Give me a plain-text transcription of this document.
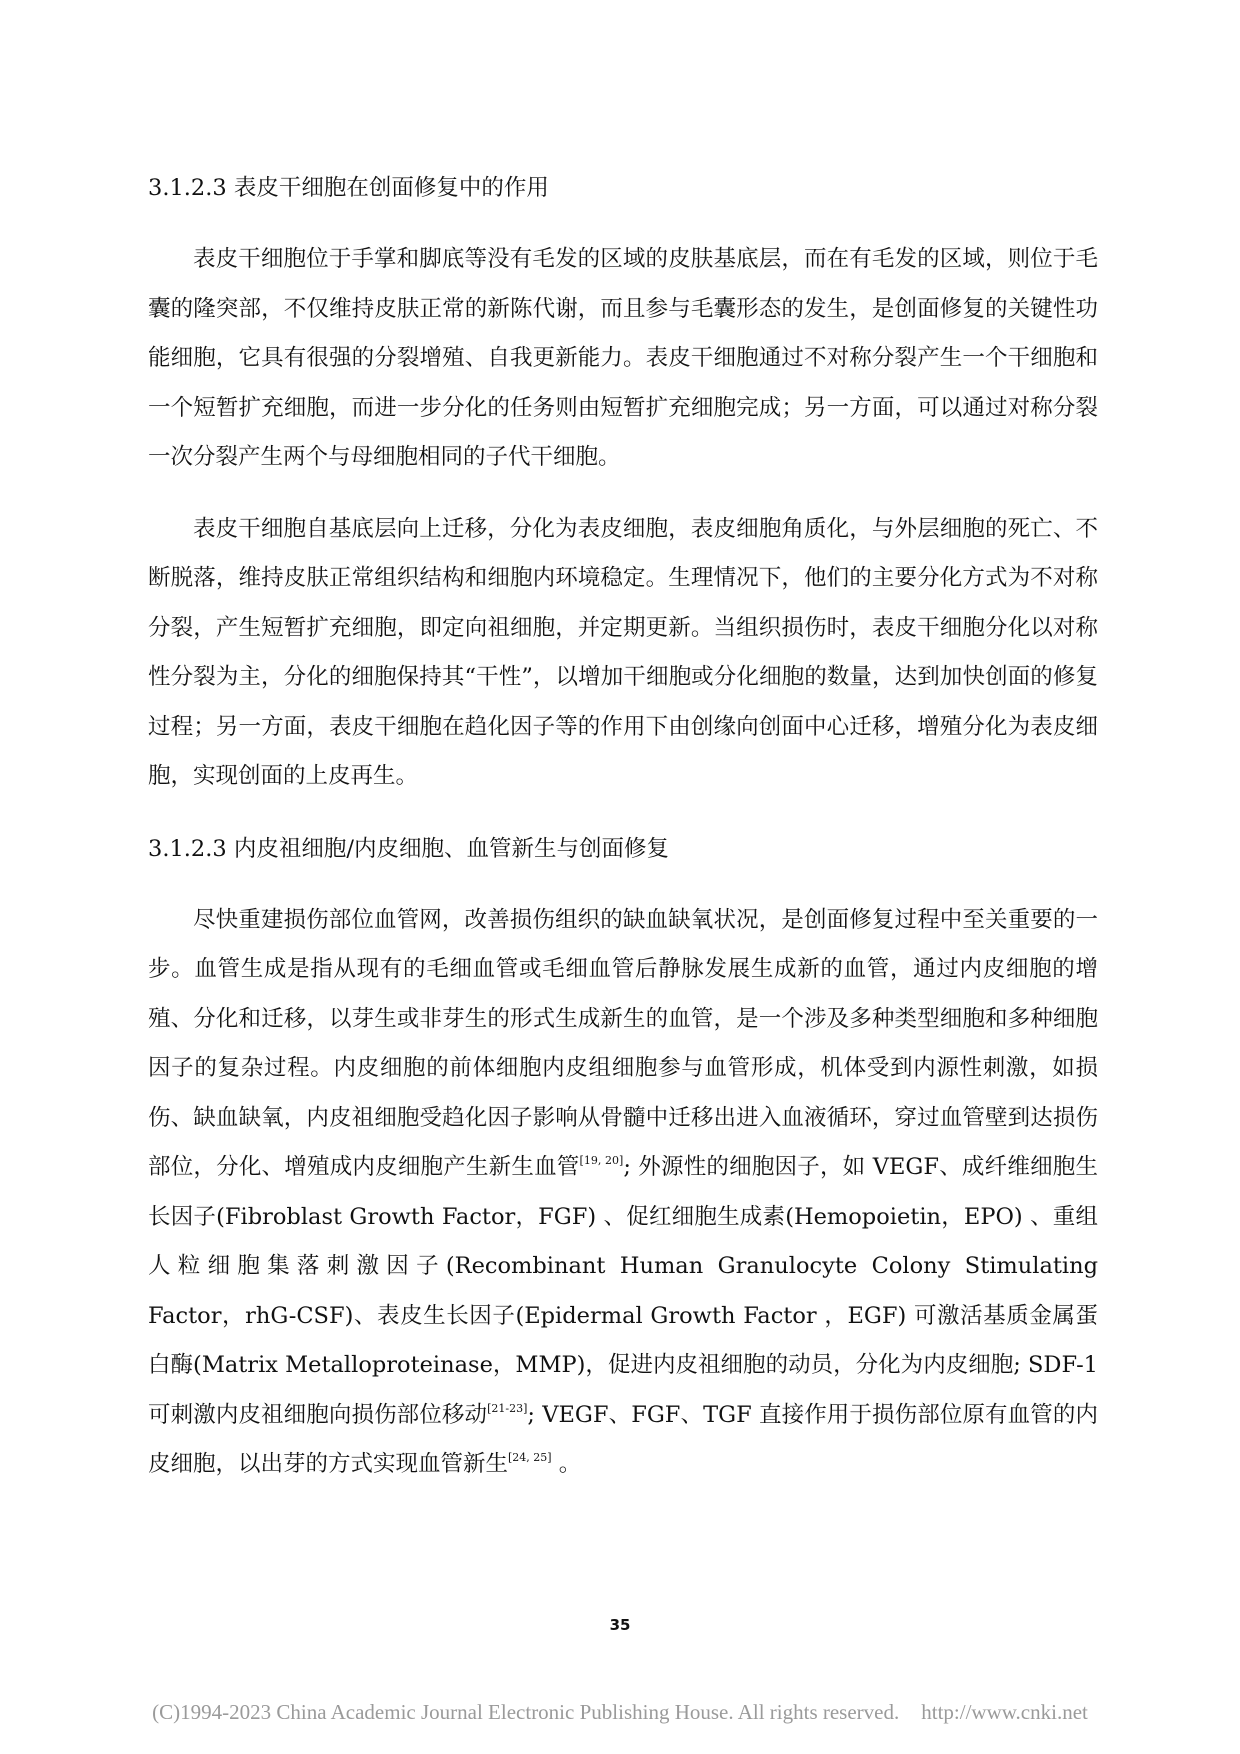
3.1.2.3 表皮干细胞在创面修复中的作用

表皮干细胞位于手掌和脚底等没有毛发的区域的皮肤基底层，而在有毛发的区域，则位于毛囊的隆突部，不仅维持皮肤正常的新陈代谢，而且参与毛囊形态的发生，是创面修复的关键性功能细胞，它具有很强的分裂增殖、自我更新能力。表皮干细胞通过不对称分裂产生一个干细胞和一个短暂扩充细胞，而进一步分化的任务则由短暂扩充细胞完成；另一方面，可以通过对称分裂一次分裂产生两个与母细胞相同的子代干细胞。

表皮干细胞自基底层向上迁移，分化为表皮细胞，表皮细胞角质化，与外层细胞的死亡、不断脱落，维持皮肤正常组织结构和细胞内环境稳定。生理情况下，他们的主要分化方式为不对称分裂，产生短暂扩充细胞，即定向祖细胞，并定期更新。当组织损伤时，表皮干细胞分化以对称性分裂为主，分化的细胞保持其“干性”，以增加干细胞或分化细胞的数量，达到加快创面的修复过程；另一方面，表皮干细胞在趋化因子等的作用下由创缘向创面中心迁移，增殖分化为表皮细胞，实现创面的上皮再生。

3.1.2.3 内皮祖细胞/内皮细胞、血管新生与创面修复

尽快重建损伤部位血管网，改善损伤组织的缺血缺氧状况，是创面修复过程中至关重要的一步。血管生成是指从现有的毛细血管或毛细血管后静脉发展生成新的血管，通过内皮细胞的增殖、分化和迁移，以芽生或非芽生的形式生成新生的血管，是一个涉及多种类型细胞和多种细胞因子的复杂过程。内皮细胞的前体细胞内皮组细胞参与血管形成，机体受到内源性刺激，如损伤、缺血缺氧，内皮祖细胞受趋化因子影响从骨髓中迁移出进入血液循环，穿过血管壁到达损伤部位，分化、增殖成内皮细胞产生新生血管[19, 20]; 外源性的细胞因子，如 VEGF、成纤维细胞生长因子(Fibroblast Growth Factor，FGF) 、促红细胞生成素(Hemopoietin，EPO) 、重组人粒细胞集落刺激因子(Recombinant Human Granulocyte Colony Stimulating Factor，rhG-CSF)、表皮生长因子(Epidermal Growth Factor ，EGF) 可激活基质金属蛋白酶(Matrix Metalloproteinase，MMP)，促进内皮祖细胞的动员，分化为内皮细胞; SDF-1 可刺激内皮祖细胞向损伤部位移动[21-23]; VEGF、FGF、TGF 直接作用于损伤部位原有血管的内皮细胞，以出芽的方式实现血管新生[24, 25] 。

35
(C)1994-2023 China Academic Journal Electronic Publishing House. All rights reserved. http://www.cnki.net
